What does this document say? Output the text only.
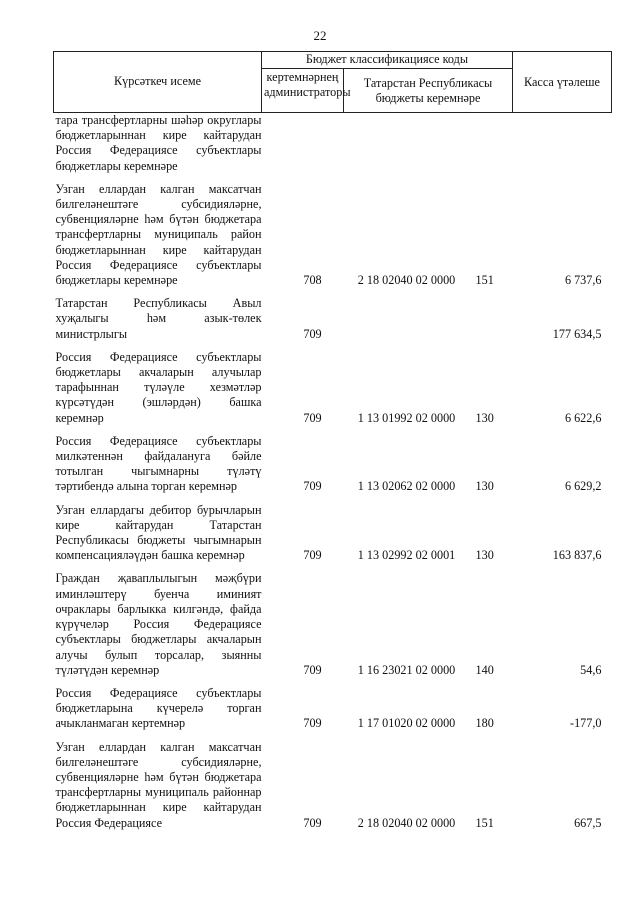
22
Күрсәткеч исеме	Бюджет классификациясе коды			Касса үтәлеше
	кертемнәрнең администраторы	Татарстан Республикасы бюджеты керемнәре		
тара трансфертларны шәһәр округлары бюджетларыннан кире кайтарудан Россия Федерациясе субъектлары бюджетлары керемнәре				
Узган еллардан калган максатчан билгеләнештәге субсидияләрне, субвенцияләрне һәм бүтән бюджетара трансфертларны муниципаль район бюджетларыннан кире кайтарудан Россия Федерациясе субъектлары бюджетлары керемнәре	708	2 18 02040 02 0000	151	6 737,6
Татарстан Республикасы Авыл хуҗалыгы һәм азык-төлек министрлыгы	709			177 634,5
Россия Федерациясе субъектлары бюджетлары акчаларын алучылар тарафыннан түләүле хезмәтләр күрсәтүдән (эшләрдән) башка керемнәр	709	1 13 01992 02 0000	130	6 622,6
Россия Федерациясе субъектлары милкәтеннән файдалануга бәйле тотылган чыгымнарны түләтү тәртибендә алына торган керемнәр	709	1 13 02062 02 0000	130	6 629,2
Узган еллардагы дебитор бурычларын кире кайтарудан Татарстан Республикасы бюджеты чыгымнарын компенсацияләүдән башка керемнәр	709	1 13 02992 02 0001	130	163 837,6
Граждан җаваплылыгын мәҗбүри иминләштерү буенча иминият очраклары барлыкка килгәндә, файда күрүчеләр Россия Федерациясе субъектлары бюджетлары акчаларын алучы булып торсалар, зыянны түләтүдән керемнәр	709	1 16 23021 02 0000	140	54,6
Россия Федерациясе субъектлары бюджетларына күчерелә торган ачыкланмаган кертемнәр	709	1 17 01020 02 0000	180	-177,0
Узган еллардан калган максатчан билгеләнештәге субсидияләрне, субвенцияләрне һәм бүтән бюджетара трансфертларны муниципаль районнар бюджетларыннан кире кайтарудан Россия Федерациясе	709	2 18 02040 02 0000	151	667,5
